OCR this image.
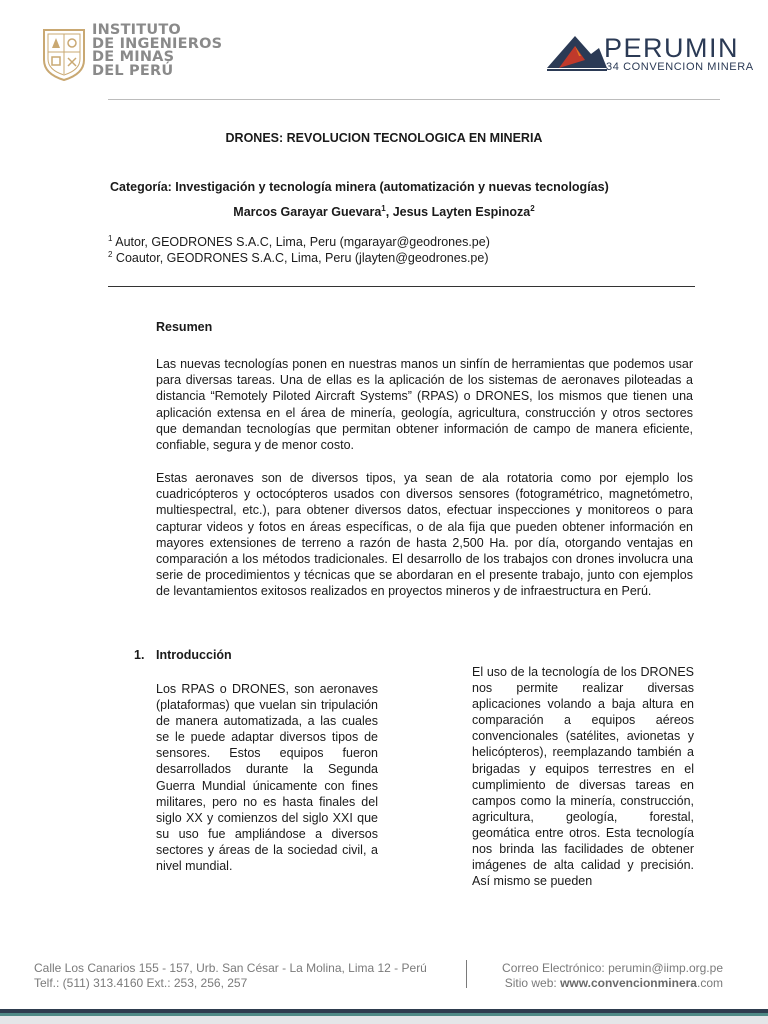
INSTITUTO
DE INGENIEROS
DE MINAS
DEL PERÚ
PERUMIN
34 CONVENCION MINERA
DRONES: REVOLUCION TECNOLOGICA EN MINERIA
Categoría: Investigación y tecnología minera (automatización y nuevas tecnologías)
Marcos Garayar Guevara$^1$, Jesus Layten Espinoza$^2$
$^1$ Autor, GEODRONES S.A.C, Lima, Peru (mgarayar@geodrones.pe)
$^2$ Coautor, GEODRONES S.A.C, Lima, Peru (jlayten@geodrones.pe)
Resumen
Las nuevas tecnologías ponen en nuestras manos un sinfín de herramientas que podemos usar para diversas tareas. Una de ellas es la aplicación de los sistemas de aeronaves piloteadas a distancia “Remotely Piloted Aircraft Systems” (RPAS) o DRONES, los mismos que tienen una aplicación extensa en el área de minería, geología, agricultura, construcción y otros sectores que demandan tecnologías que permitan obtener información de campo de manera eficiente, confiable, segura y de menor costo.
Estas aeronaves son de diversos tipos, ya sean de ala rotatoria como por ejemplo los cuadricópteros y octocópteros usados con diversos sensores (fotogramétrico, magnetómetro, multiespectral, etc.), para obtener diversos datos, efectuar inspecciones y monitoreos o para capturar videos y fotos en áreas específicas, o de ala fija que pueden obtener información en mayores extensiones de terreno a razón de hasta 2,500 Ha. por día, otorgando ventajas en comparación a los métodos tradicionales. El desarrollo de los trabajos con drones involucra una serie de procedimientos y técnicas que se abordaran en el presente trabajo, junto con ejemplos de levantamientos exitosos realizados en proyectos mineros y de infraestructura en Perú.
1. Introducción
Los RPAS o DRONES, son aeronaves (plataformas) que vuelan sin tripulación de manera automatizada, a las cuales se le puede adaptar diversos tipos de sensores. Estos equipos fueron desarrollados durante la Segunda Guerra Mundial únicamente con fines militares, pero no es hasta finales del siglo XX y comienzos del siglo XXI que su uso fue ampliándose a diversos sectores y áreas de la sociedad civil, a nivel mundial.
El uso de la tecnología de los DRONES nos permite realizar diversas aplicaciones volando a baja altura en comparación a equipos aéreos convencionales (satélites, avionetas y helicópteros), reemplazando también a brigadas y equipos terrestres en el cumplimiento de diversas tareas en campos como la minería, construcción, agricultura, geología, forestal, geomática entre otros. Esta tecnología nos brinda las facilidades de obtener imágenes de alta calidad y precisión. Así mismo se pueden
Calle Los Canarios 155 - 157, Urb. San César - La Molina, Lima 12 - Perú
Telf.: (511) 313.4160 Ext.: 253, 256, 257
Correo Electrónico: perumin@iimp.org.pe
Sitio web: www.convencionminera.com
